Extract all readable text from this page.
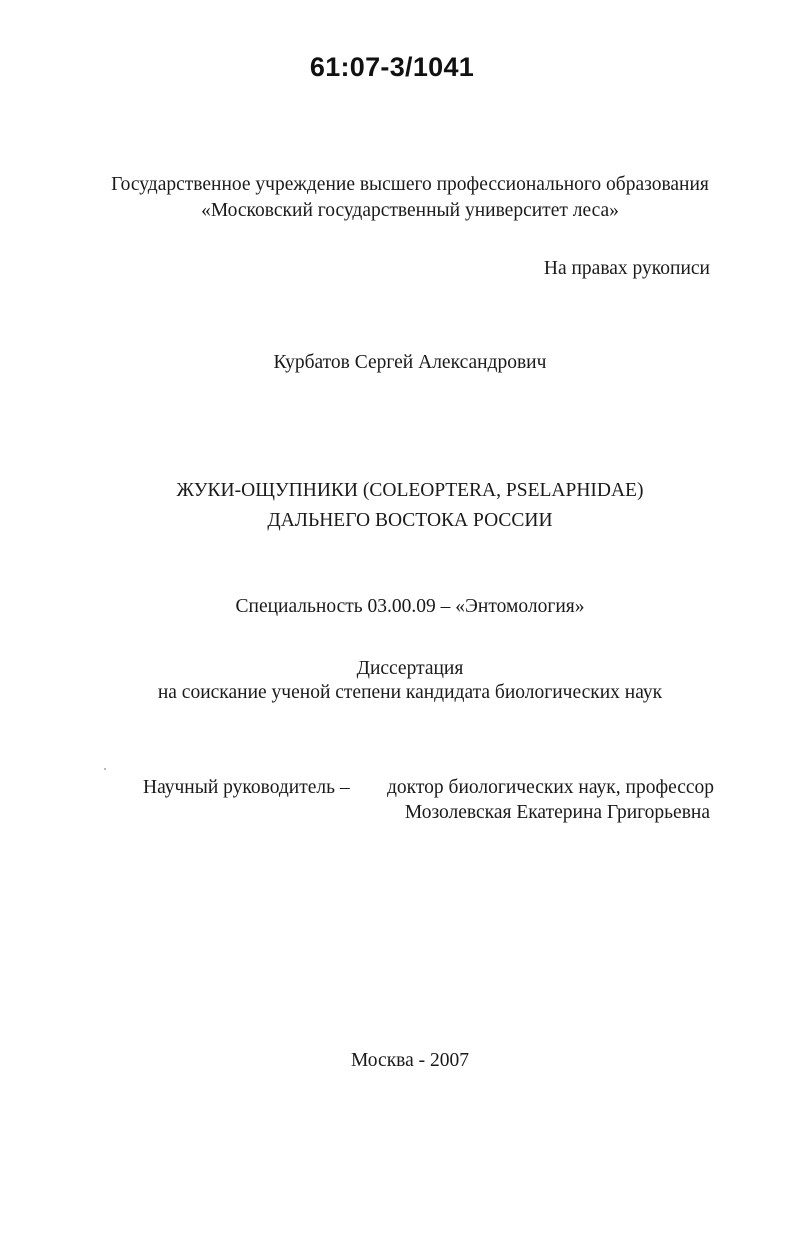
61:07-3/1041
Государственное учреждение высшего профессионального образования
«Московский государственный университет леса»
На правах рукописи
Курбатов Сергей Александрович
ЖУКИ-ОЩУПНИКИ (COLEOPTERA, PSELAPHIDAE)
ДАЛЬНЕГО ВОСТОКА РОССИИ
Специальность 03.00.09 – «Энтомология»
Диссертация
на соискание ученой степени кандидата биологических наук
Научный руководитель – доктор биологических наук, профессор
Мозолевская Екатерина Григорьевна
Москва - 2007
